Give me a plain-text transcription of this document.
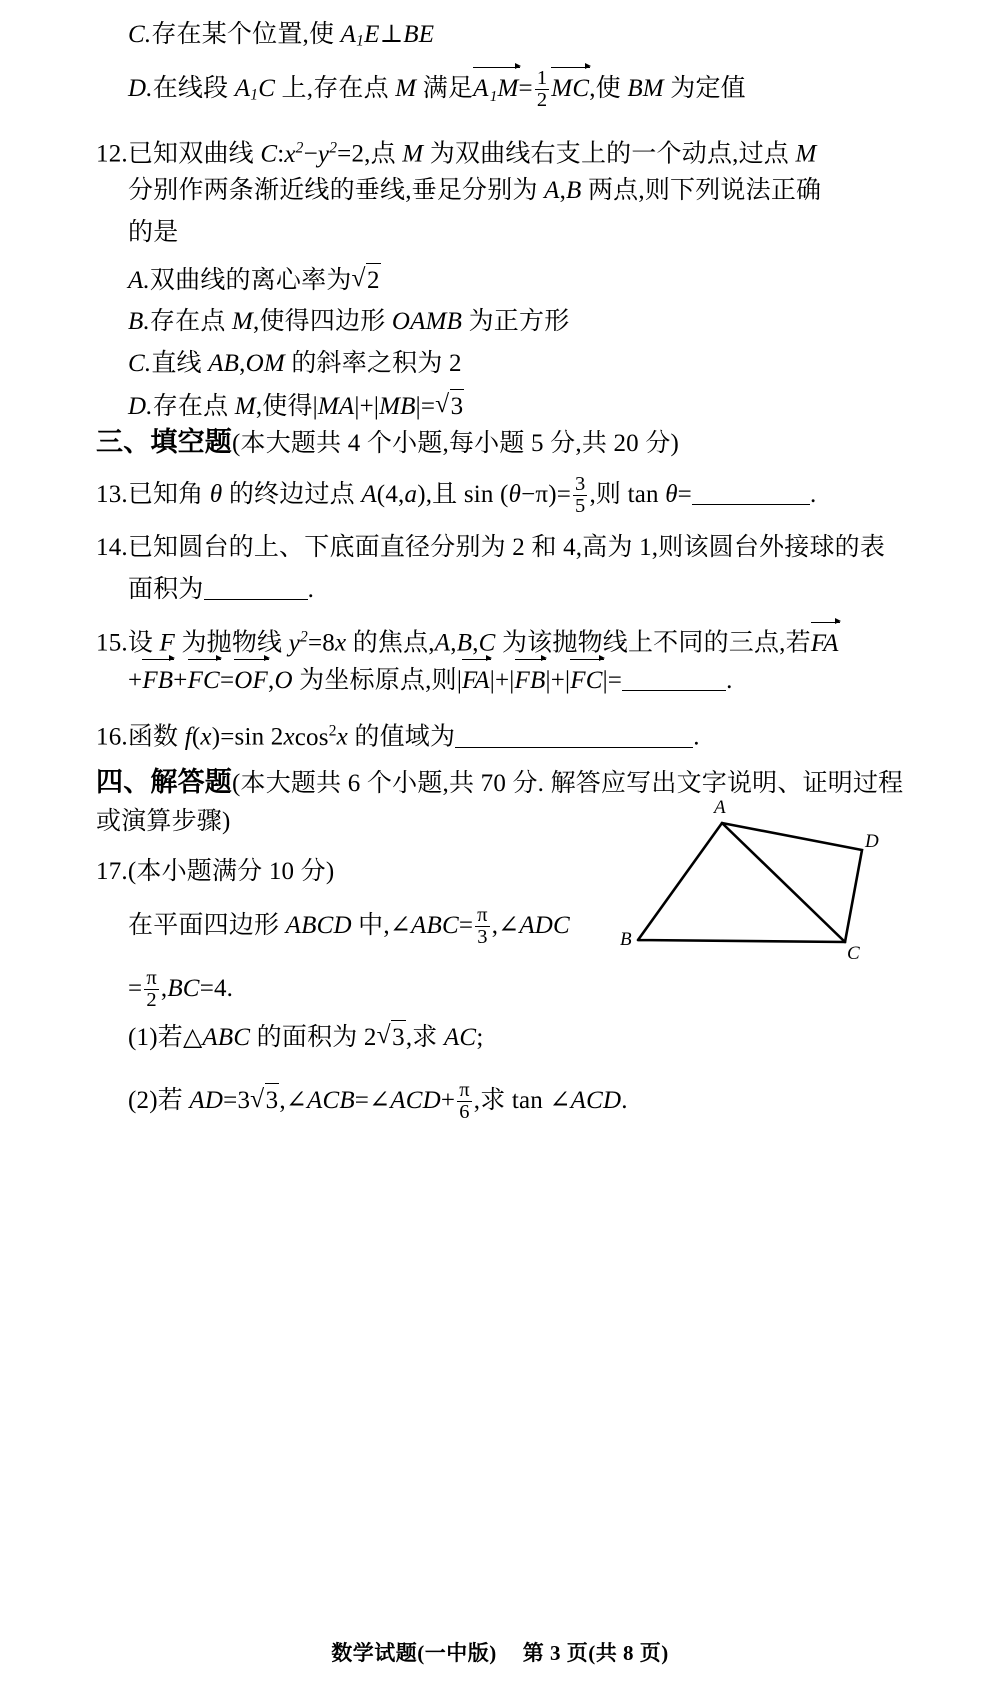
C.存在某个位置,使 $A_1E\perp BE$
D.在线段 $A_1C$ 上,存在点 M 满足$A_1M= \frac{1}{2}$ MC,使 BM 为定值
12.已知双曲线 $C:x^2-y^2=2$,点 M 为双曲线右支上的一个动点,过点 M
分别作两条渐近线的垂线,垂足分别为 A,B 两点,则下列说法正确
的是
A.双曲线的离心率为 √ 2
B.存在点 M,使得四边形 OAMB 为正方形
C.直线 AB,OM 的斜率之积为 2
D.存在点 M,使得|MA|+|MB|= √ 3
三、填空题(本大题共 4 个小题,每小题 5 分,共 20 分)
13.已知角 θ 的终边过点 A(4,a),且 $\sin (\theta-\pi)= \frac{3}{5}$ ,则 tan θ=	.
14.已知圆台的上、下底面直径分别为 2 和 4,高为 1,则该圆台外接球的表
面积为	.
15.设 F 为抛物线 $y^2=8x$ 的焦点,A,B,C 为该抛物线上不同的三点,若FA
+FB+FC=OF,O 为坐标原点,则|FA|+|FB|+|FC|=	.
16.函数 f(x)=sin 2xcos$^2$x 的值域为	.
四、解答题(本大题共 6 个小题,共 70 分. 解答应写出文字说明、证明过程
或演算步骤)
17.(本小题满分 10 分)
在平面四边形 ABCD 中,∠ABC= $\frac{\pi}{3}$ ,∠ADC
= $\frac{\pi}{2} ,BC=4$.
(1)若△ABC 的面积为 2 √ 3,求 AC;
(2)若 AD=3 √ 3,∠ACB=∠ACD+ $\frac{\pi}{6}$ ,求 tan ∠ACD.
A
D
C
B
数学试题(一中版) 第 3 页(共 8 页)
